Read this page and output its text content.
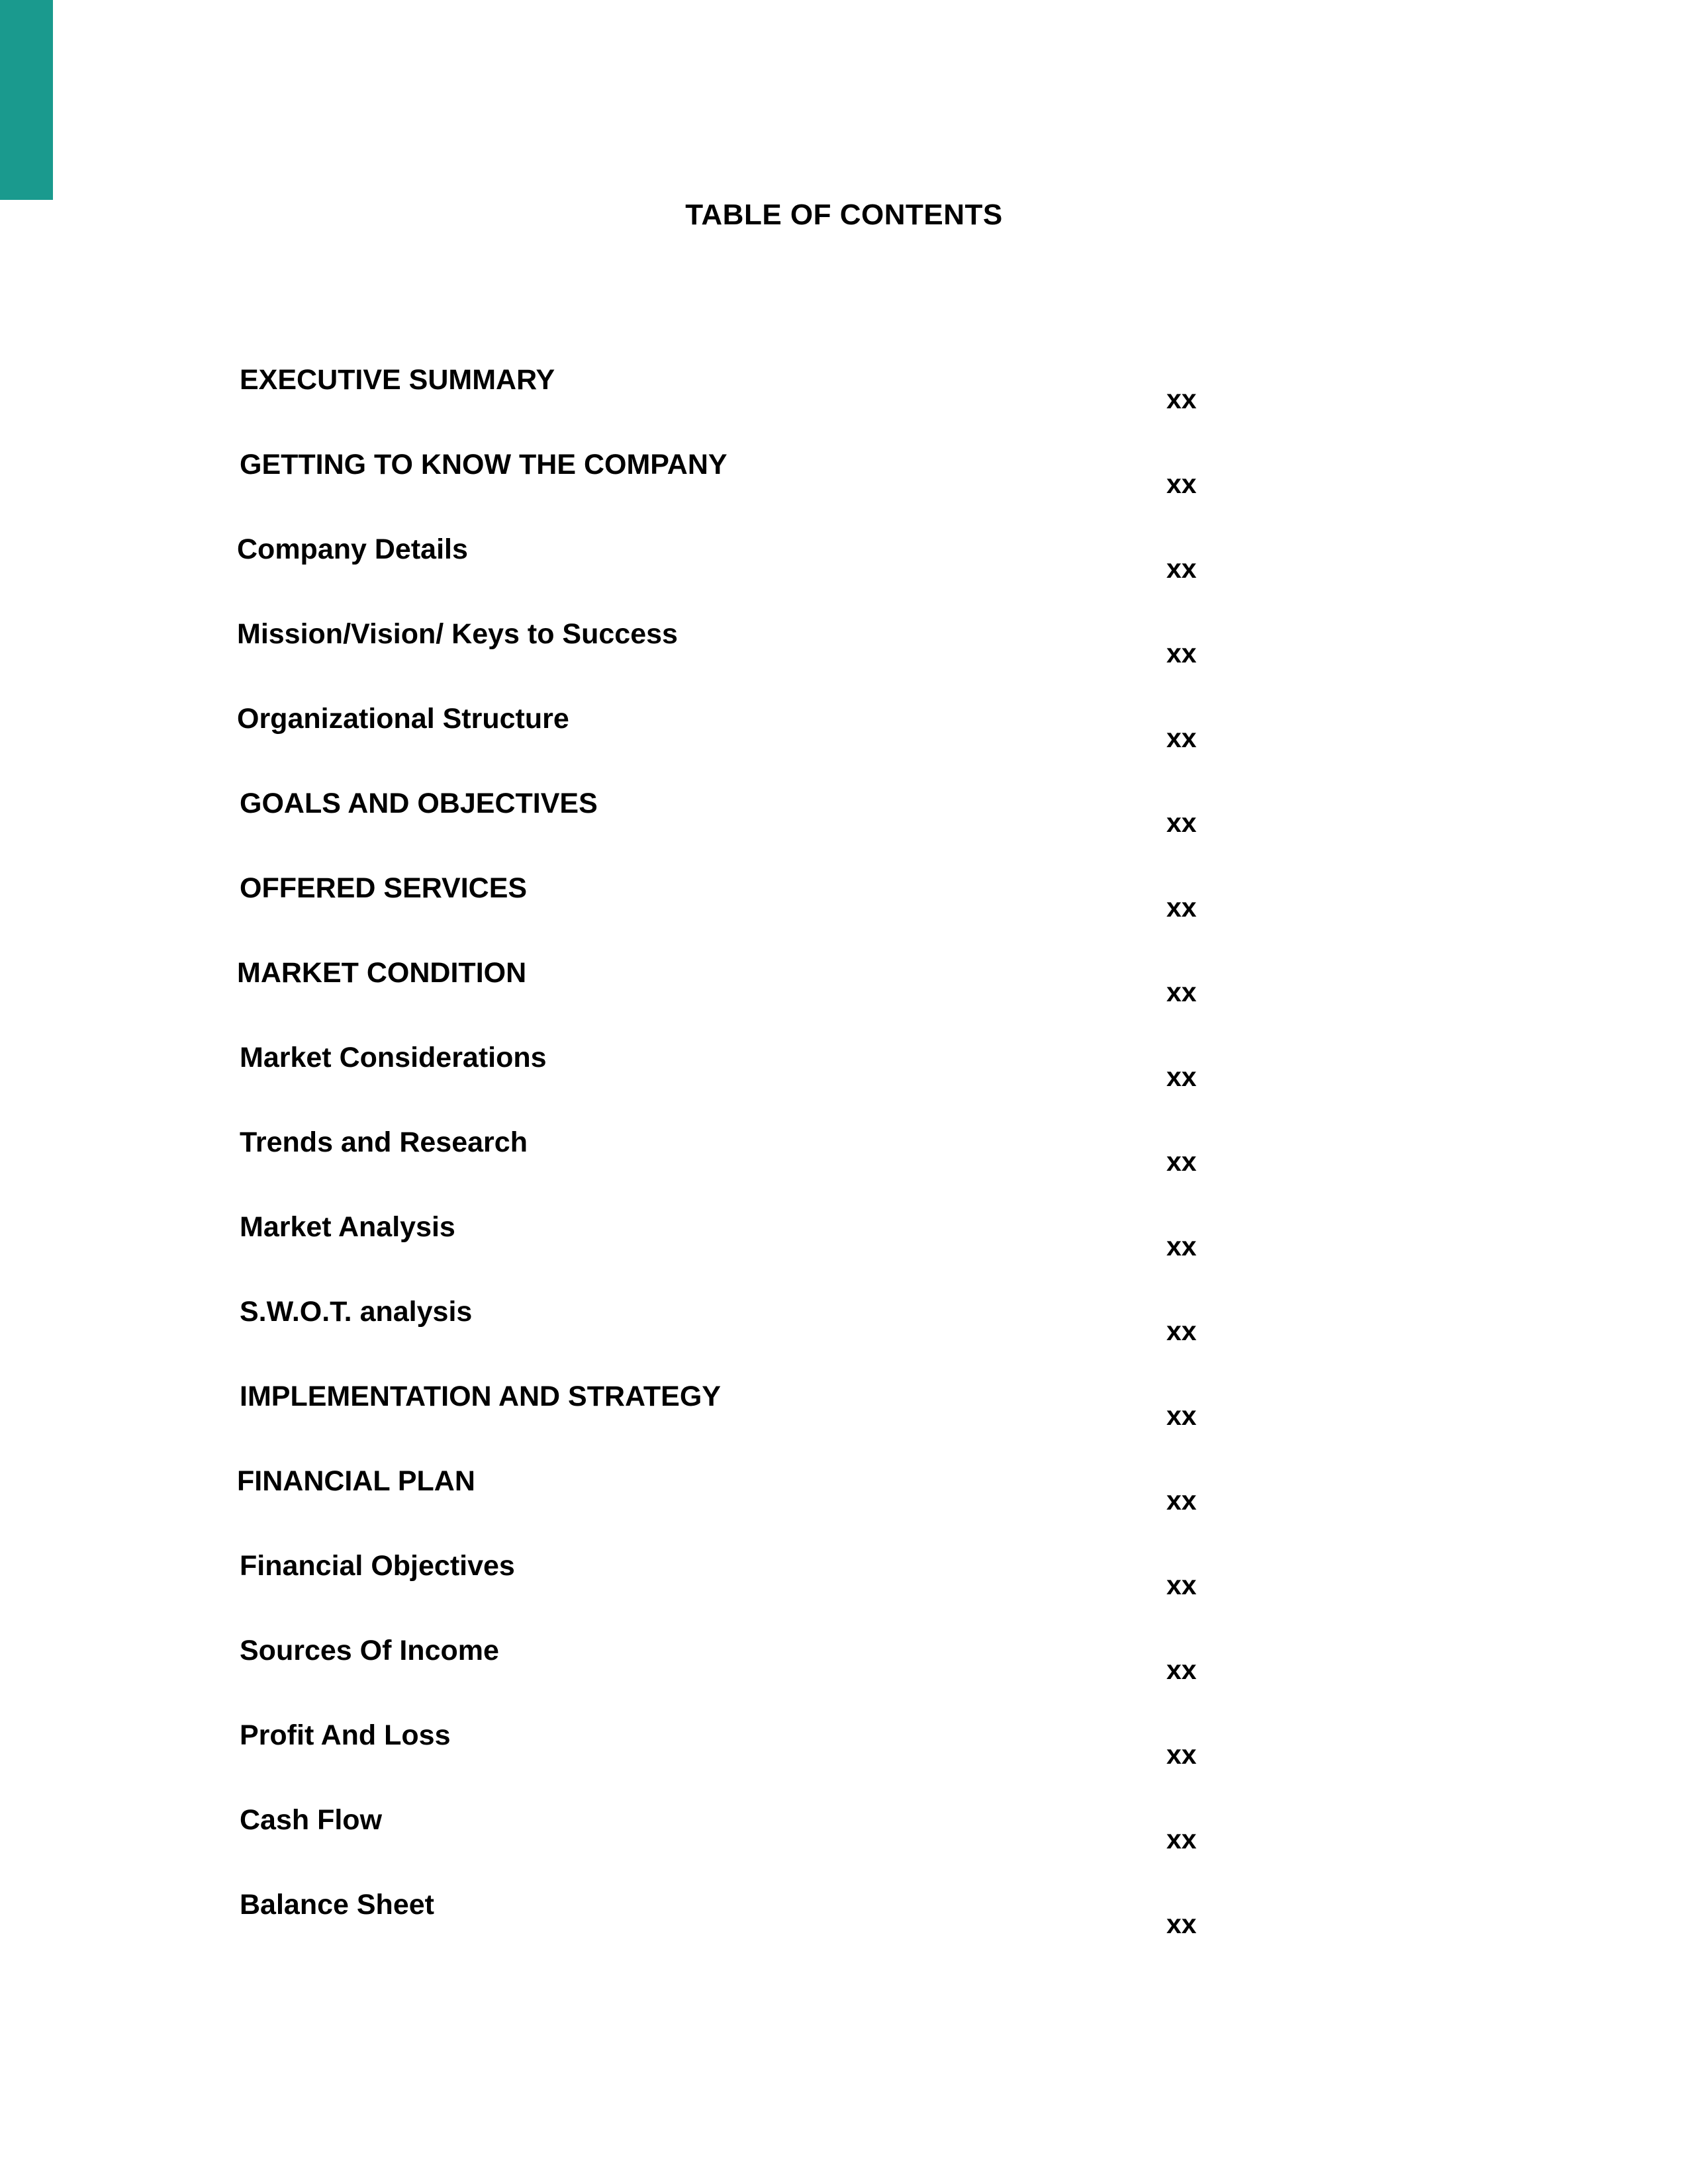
TABLE OF CONTENTS
EXECUTIVE SUMMARY
xx
GETTING TO KNOW THE COMPANY
xx
Company Details
xx
Mission/Vision/ Keys to Success
xx
Organizational Structure
xx
GOALS AND OBJECTIVES
xx
OFFERED SERVICES
xx
MARKET CONDITION
xx
Market Considerations
xx
Trends and Research
xx
Market Analysis
xx
S.W.O.T. analysis
xx
IMPLEMENTATION AND STRATEGY
xx
FINANCIAL PLAN
xx
Financial Objectives
xx
Sources Of Income
xx
Profit And Loss
xx
Cash Flow
xx
Balance Sheet
xx
